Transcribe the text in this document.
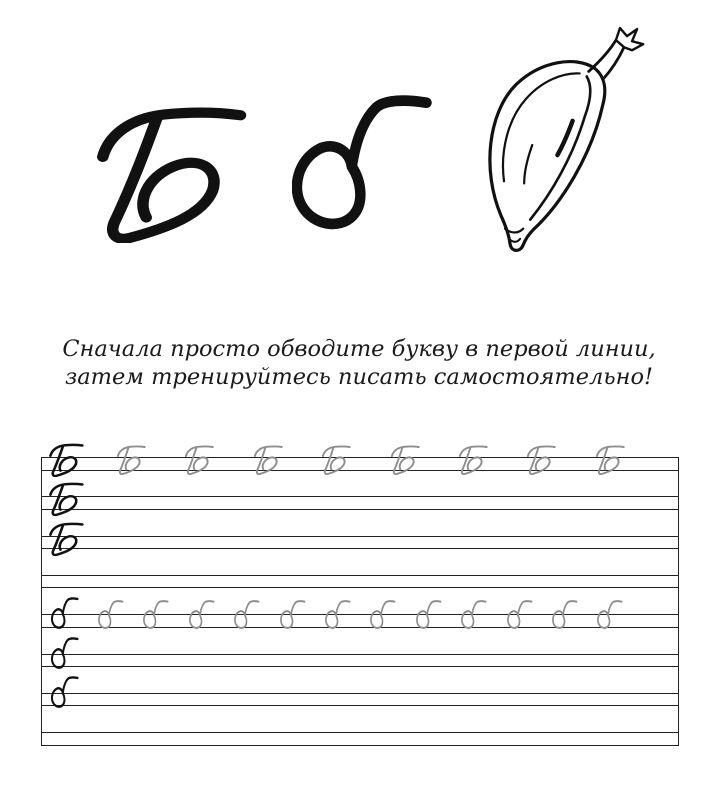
Сначала просто обводите букву в первой линии,
затем тренируйтесь писать самостоятельно!
